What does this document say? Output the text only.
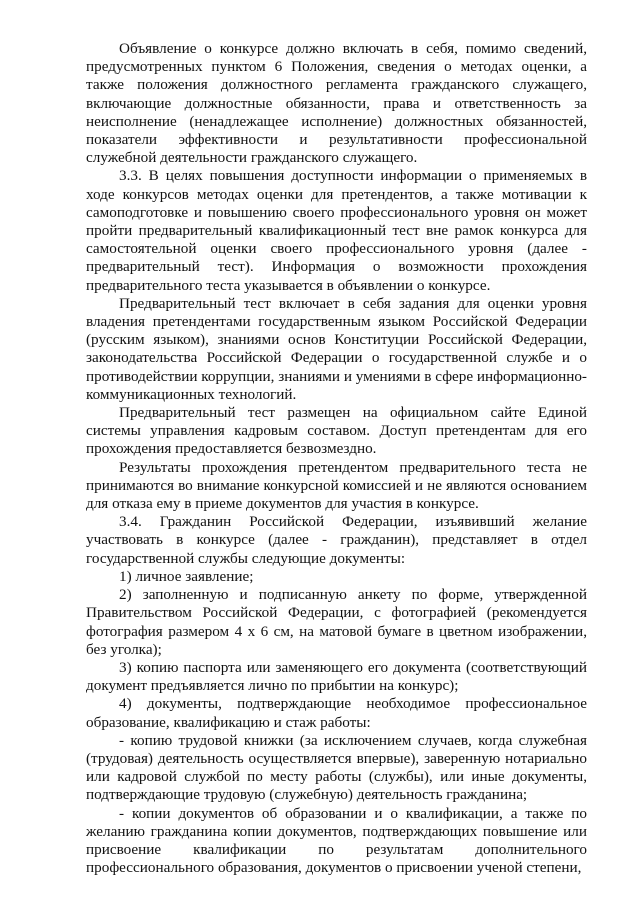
Объявление о конкурсе должно включать в себя, помимо сведений, предусмотренных пунктом 6 Положения, сведения о методах оценки, а также положения должностного регламента гражданского служащего, включающие должностные обязанности, права и ответственность за неисполнение (ненадлежащее исполнение) должностных обязанностей, показатели эффективности и результативности профессиональной служебной деятельности гражданского служащего.

3.3. В целях повышения доступности информации о применяемых в ходе конкурсов методах оценки для претендентов, а также мотивации к самоподготовке и повышению своего профессионального уровня он может пройти предварительный квалификационный тест вне рамок конкурса для самостоятельной оценки своего профессионального уровня (далее - предварительный тест). Информация о возможности прохождения предварительного теста указывается в объявлении о конкурсе.

Предварительный тест включает в себя задания для оценки уровня владения претендентами государственным языком Российской Федерации (русским языком), знаниями основ Конституции Российской Федерации, законодательства Российской Федерации о государственной службе и о противодействии коррупции, знаниями и умениями в сфере информационно-коммуникационных технологий.

Предварительный тест размещен на официальном сайте Единой системы управления кадровым составом. Доступ претендентам для его прохождения предоставляется безвозмездно.

Результаты прохождения претендентом предварительного теста не принимаются во внимание конкурсной комиссией и не являются основанием для отказа ему в приеме документов для участия в конкурсе.

3.4. Гражданин Российской Федерации, изъявивший желание участвовать в конкурсе (далее - гражданин), представляет в отдел государственной службы следующие документы:

1) личное заявление;

2) заполненную и подписанную анкету по форме, утвержденной Правительством Российской Федерации, с фотографией (рекомендуется фотография размером 4 х 6 см, на матовой бумаге в цветном изображении, без уголка);

3) копию паспорта или заменяющего его документа (соответствующий документ предъявляется лично по прибытии на конкурс);

4) документы, подтверждающие необходимое профессиональное образование, квалификацию и стаж работы:

- копию трудовой книжки (за исключением случаев, когда служебная (трудовая) деятельность осуществляется впервые), заверенную нотариально или кадровой службой по месту работы (службы), или иные документы, подтверждающие трудовую (служебную) деятельность гражданина;

- копии документов об образовании и о квалификации, а также по желанию гражданина копии документов, подтверждающих повышение или присвоение квалификации по результатам дополнительного профессионального образования, документов о присвоении ученой степени,
